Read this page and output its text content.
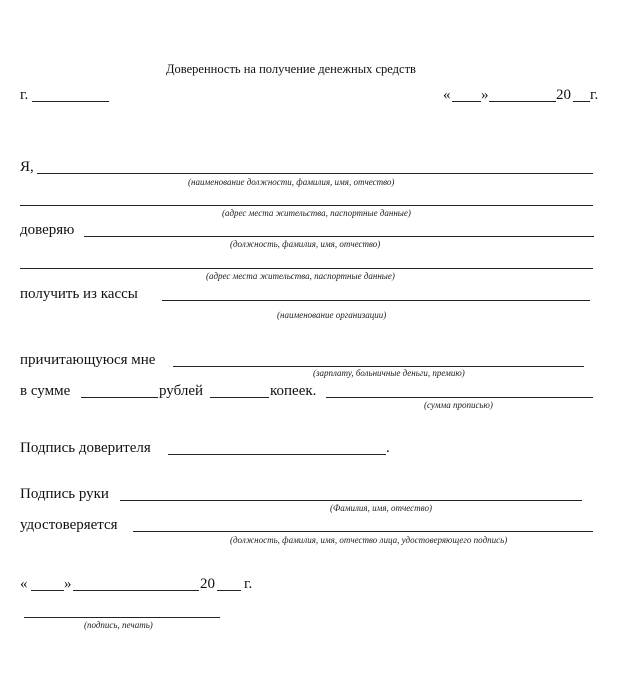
Доверенность на получение денежных средств
г.	« »	20 г.
Я,
(наименование должности, фамилия, имя, отчество)
(адрес места жительства, паспортные данные)
доверяю
(должность, фамилия, имя, отчество)
(адрес места жительства, паспортные данные)
получить из кассы
(наименование организации)
причитающуюся мне
(зарплату, больничные деньги, премию)
в сумме	рублей	копеек.
(сумма прописью)
Подпись доверителя	.
Подпись руки
(Фамилия, имя, отчество)
удостоверяется
(должность, фамилия, имя, отчество лица, удостоверяющего подпись)
« »	20 г.
(подпись, печать)
